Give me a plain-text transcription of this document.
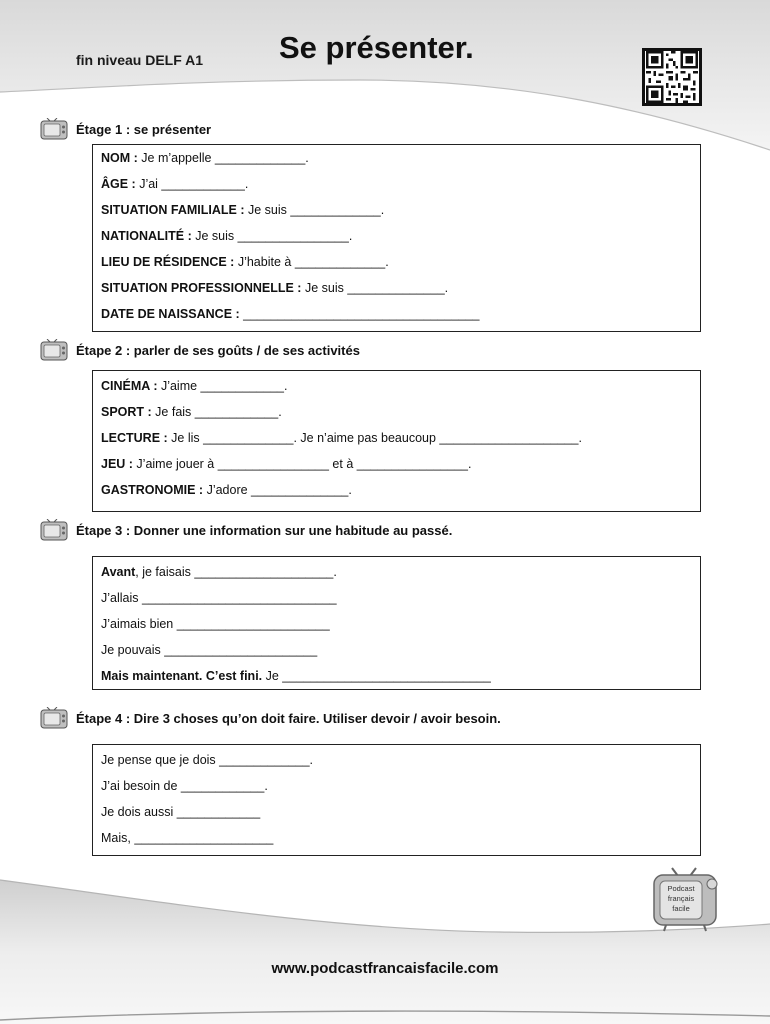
fin niveau DELF A1 Se présenter.
Étage 1 : se présenter
NOM : Je m’appelle _____________.
ÂGE : J’ai ____________.
SITUATION FAMILIALE : Je suis _____________.
NATIONALITÉ : Je suis ________________.
LIEU DE RÉSIDENCE : J’habite à _____________.
SITUATION PROFESSIONNELLE : Je suis ______________.
DATE DE NAISSANCE : __________________________________
Étape 2 : parler de ses goûts / de ses activités
CINÉMA : J’aime ____________.
SPORT : Je fais ____________.
LECTURE : Je lis _____________. Je n’aime pas beaucoup ____________________.
JEU : J’aime jouer à ________________ et à ________________.
GASTRONOMIE : J’adore ______________.
Étape 3 : Donner une information sur une habitude au passé.
Avant, je faisais ____________________.
J’allais ____________________________
J’aimais bien ______________________
Je pouvais ______________________
Mais maintenant. C’est fini. Je ______________________________
Étape 4 : Dire 3 choses qu’on doit faire. Utiliser devoir / avoir besoin.
Je pense que je dois _____________.
J’ai besoin de ____________.
Je dois aussi ____________
Mais, ____________________
Podcast
français
facile
www.podcastfrancaisfacile.com
